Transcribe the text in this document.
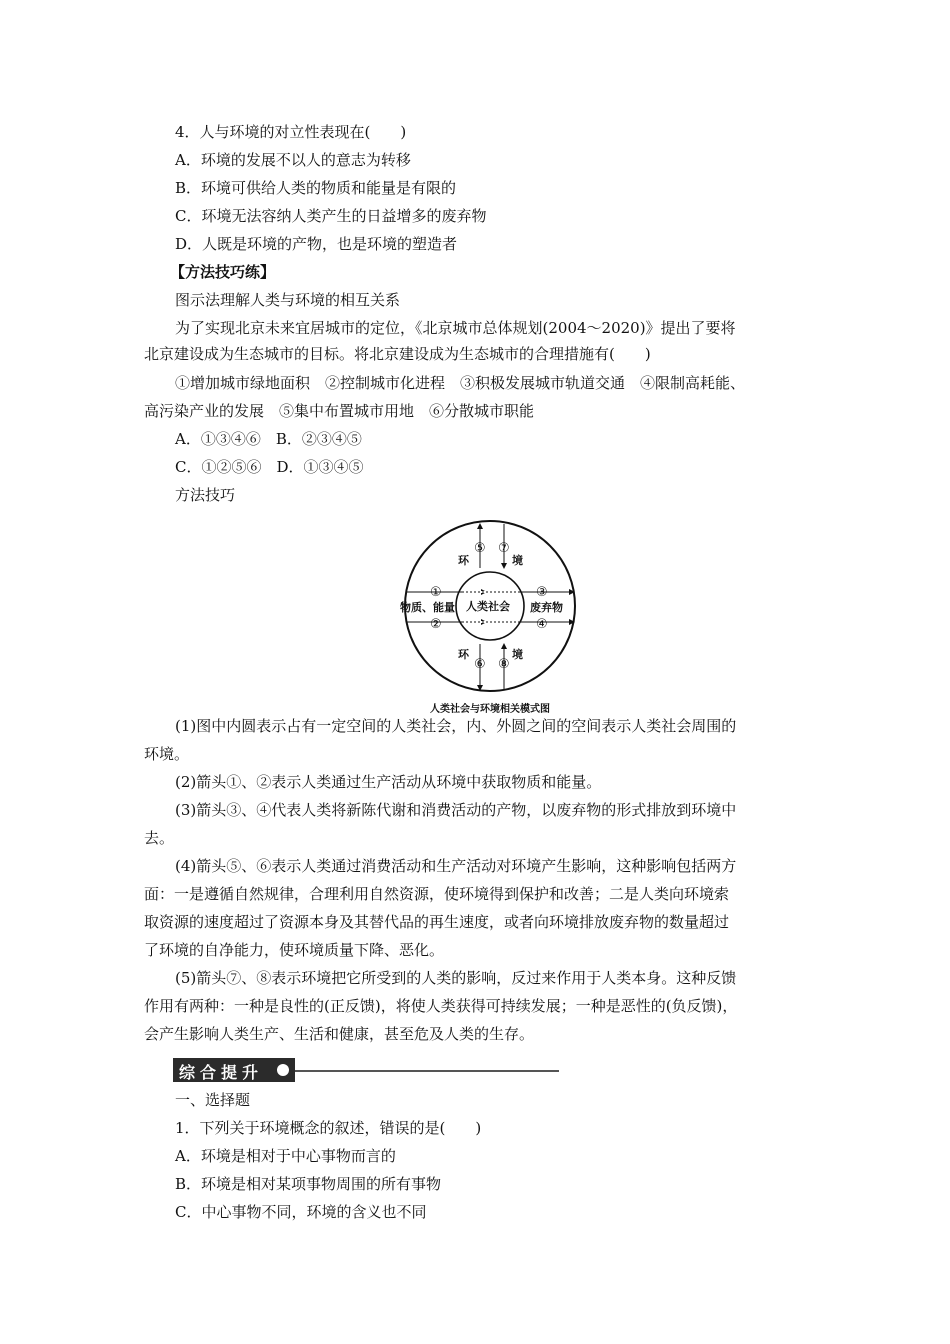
4．人与环境的对立性表现在(　　)
A．环境的发展不以人的意志为转移
B．环境可供给人类的物质和能量是有限的
C．环境无法容纳人类产生的日益增多的废弃物
D．人既是环境的产物，也是环境的塑造者
【方法技巧练】
图示法理解人类与环境的相互关系
为了实现北京未来宜居城市的定位，《北京城市总体规划(2004～2020)》提出了要将
北京建设成为生态城市的目标。将北京建设成为生态城市的合理措施有(　　)
①增加城市绿地面积　②控制城市化进程　③积极发展城市轨道交通　④限制高耗能、
高污染产业的发展　⑤集中布置城市用地　⑥分散城市职能
A．①③④⑥　B．②③④⑤
C．①②⑤⑥　D．①③④⑤
方法技巧
⑤ ⑦
①
②
③
④
⑥ ⑧
环	境
环	境
物质、能量	废弃物
人类社会
人类社会与环境相关模式图
(1)图中内圆表示占有一定空间的人类社会，内、外圆之间的空间表示人类社会周围的
环境。
(2)箭头①、②表示人类通过生产活动从环境中获取物质和能量。
(3)箭头③、④代表人类将新陈代谢和消费活动的产物，以废弃物的形式排放到环境中
去。
(4)箭头⑤、⑥表示人类通过消费活动和生产活动对环境产生影响，这种影响包括两方
面：一是遵循自然规律，合理利用自然资源，使环境得到保护和改善；二是人类向环境索
取资源的速度超过了资源本身及其替代品的再生速度，或者向环境排放废弃物的数量超过
了环境的自净能力，使环境质量下降、恶化。
(5)箭头⑦、⑧表示环境把它所受到的人类的影响，反过来作用于人类本身。这种反馈
作用有两种：一种是良性的(正反馈)，将使人类获得可持续发展；一种是恶性的(负反馈)，
会产生影响人类生产、生活和健康，甚至危及人类的生存。
综合提升
一、选择题
1．下列关于环境概念的叙述，错误的是(　　)
A．环境是相对于中心事物而言的
B．环境是相对某项事物周围的所有事物
C．中心事物不同，环境的含义也不同
